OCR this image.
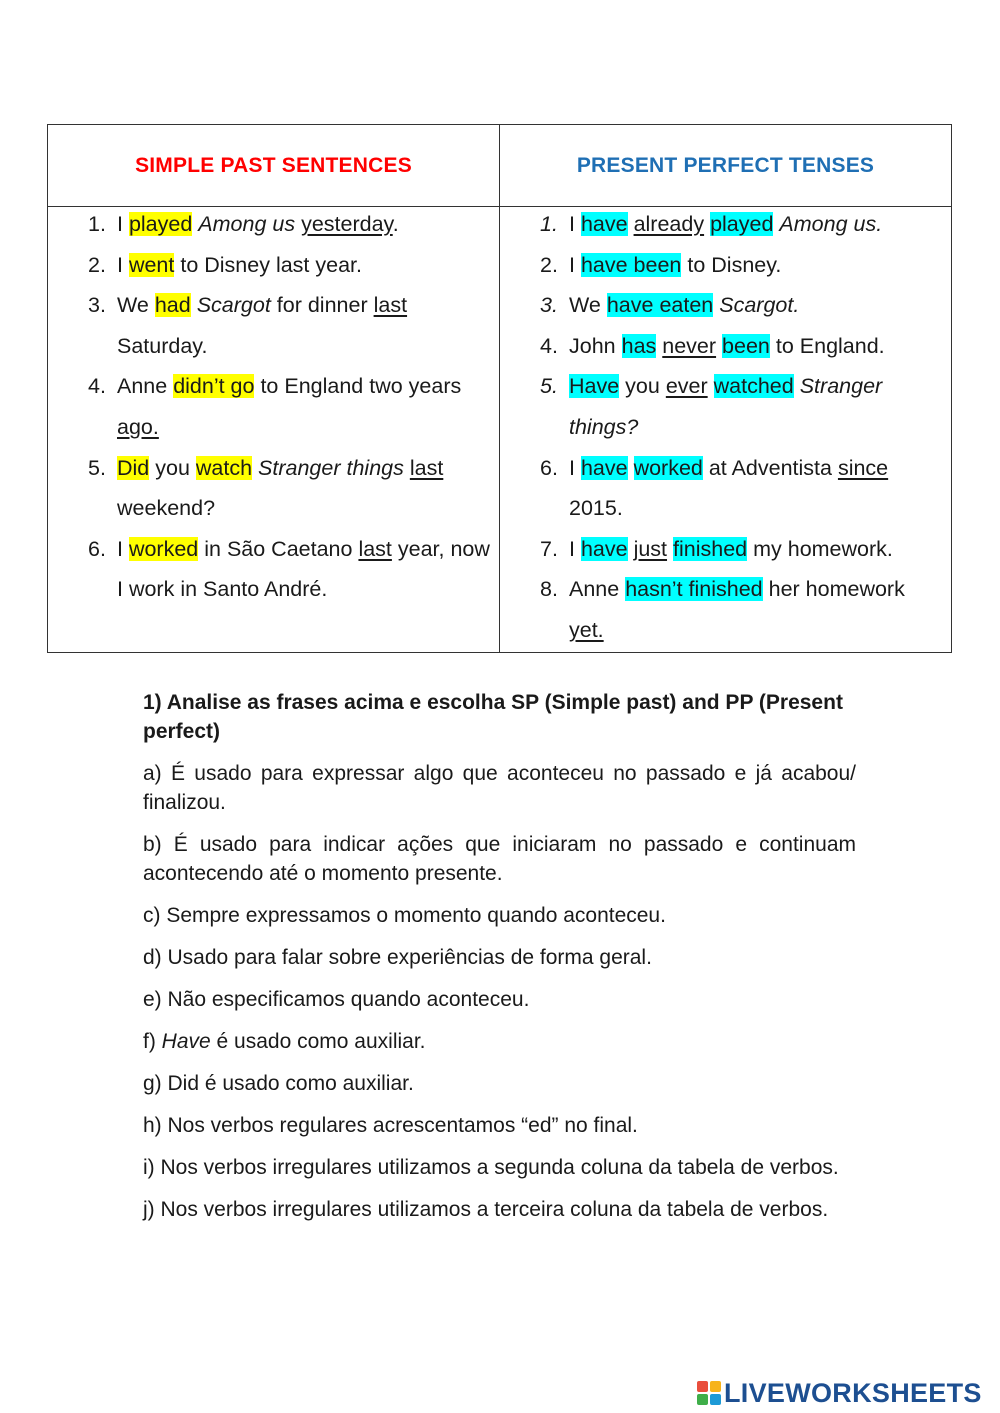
SIMPLE PAST SENTENCES	PRESENT PERFECT TENSES
1. I played Among us yesterday.
2. I went to Disney last year.
3. We had Scargot for dinner last Saturday.
4. Anne didn’t go to England two years ago.
5. Did you watch Stranger things last weekend?
6. I worked in São Caetano last year, now I work in Santo André.
1. I have already played Among us.
2. I have been to Disney.
3. We have eaten Scargot.
4. John has never been to England.
5. Have you ever watched Stranger things?
6. I have worked at Adventista since 2015.
7. I have just finished my homework.
8. Anne hasn’t finished her homework yet.
1) Analise as frases acima e escolha SP (Simple past) and PP (Present perfect)
a) É usado para expressar algo que aconteceu no passado e já acabou/ finalizou.
b) É usado para indicar ações que iniciaram no passado e continuam acontecendo até o momento presente.
c) Sempre expressamos o momento quando aconteceu.
d) Usado para falar sobre experiências de forma geral.
e) Não especificamos quando aconteceu.
f) Have é usado como auxiliar.
g) Did é usado como auxiliar.
h) Nos verbos regulares acrescentamos “ed” no final.
i) Nos verbos irregulares utilizamos a segunda coluna da tabela de verbos.
j) Nos verbos irregulares utilizamos a terceira coluna da tabela de verbos.
LIVEWORKSHEETS
